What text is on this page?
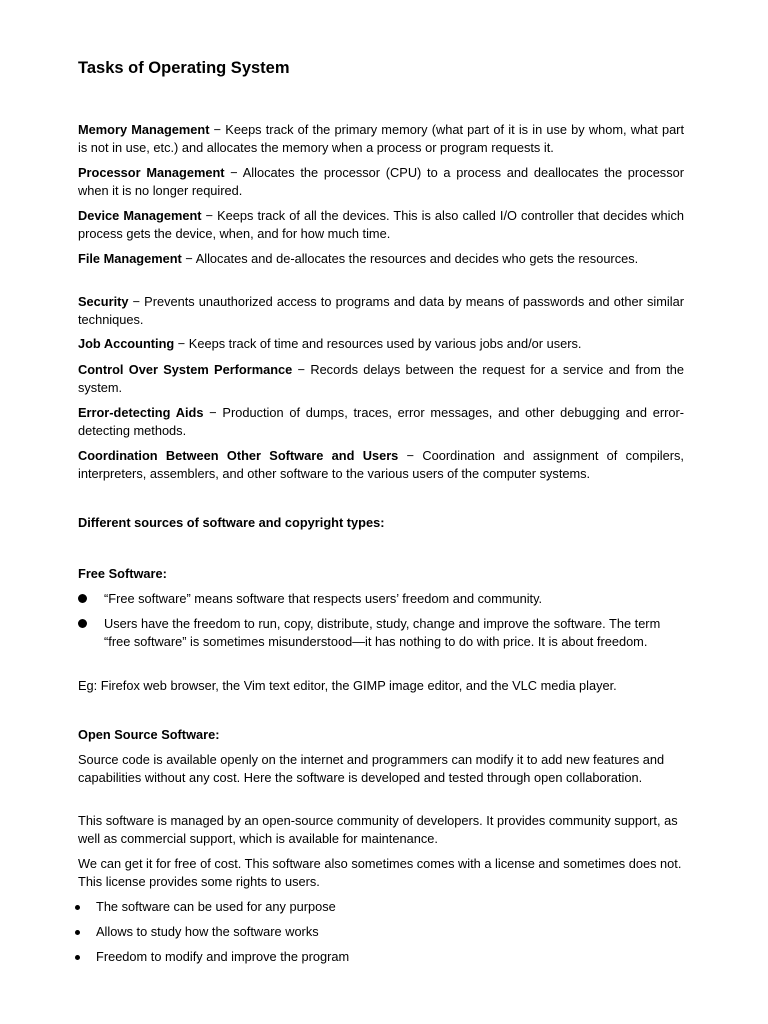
Tasks of Operating System

Memory Management − Keeps track of the primary memory (what part of it is in use by whom, what part is not in use, etc.) and allocates the memory when a process or program requests it.

Processor Management − Allocates the processor (CPU) to a process and deallocates the processor when it is no longer required.

Device Management − Keeps track of all the devices. This is also called I/O controller that decides which process gets the device, when, and for how much time.

File Management − Allocates and de-allocates the resources and decides who gets the resources.

Security − Prevents unauthorized access to programs and data by means of passwords and other similar techniques.

Job Accounting − Keeps track of time and resources used by various jobs and/or users.

Control Over System Performance − Records delays between the request for a service and from the system.

Error-detecting Aids − Production of dumps, traces, error messages, and other debugging and error-detecting methods.

Coordination Between Other Software and Users − Coordination and assignment of compilers, interpreters, assemblers, and other software to the various users of the computer systems.

Different sources of software and copyright types:

Free Software:

“Free software” means software that respects users’ freedom and community.

Users have the freedom to run, copy, distribute, study, change and improve the software. The term “free software” is sometimes misunderstood—it has nothing to do with price. It is about freedom.

Eg: Firefox web browser, the Vim text editor, the GIMP image editor, and the VLC media player.

Open Source Software:

Source code is available openly on the internet and programmers can modify it to add new features and capabilities without any cost. Here the software is developed and tested through open collaboration.

This software is managed by an open-source community of developers. It provides community support, as well as commercial support, which is available for maintenance.

We can get it for free of cost. This software also sometimes comes with a license and sometimes does not. This license provides some rights to users.

The software can be used for any purpose

Allows to study how the software works

Freedom to modify and improve the program
